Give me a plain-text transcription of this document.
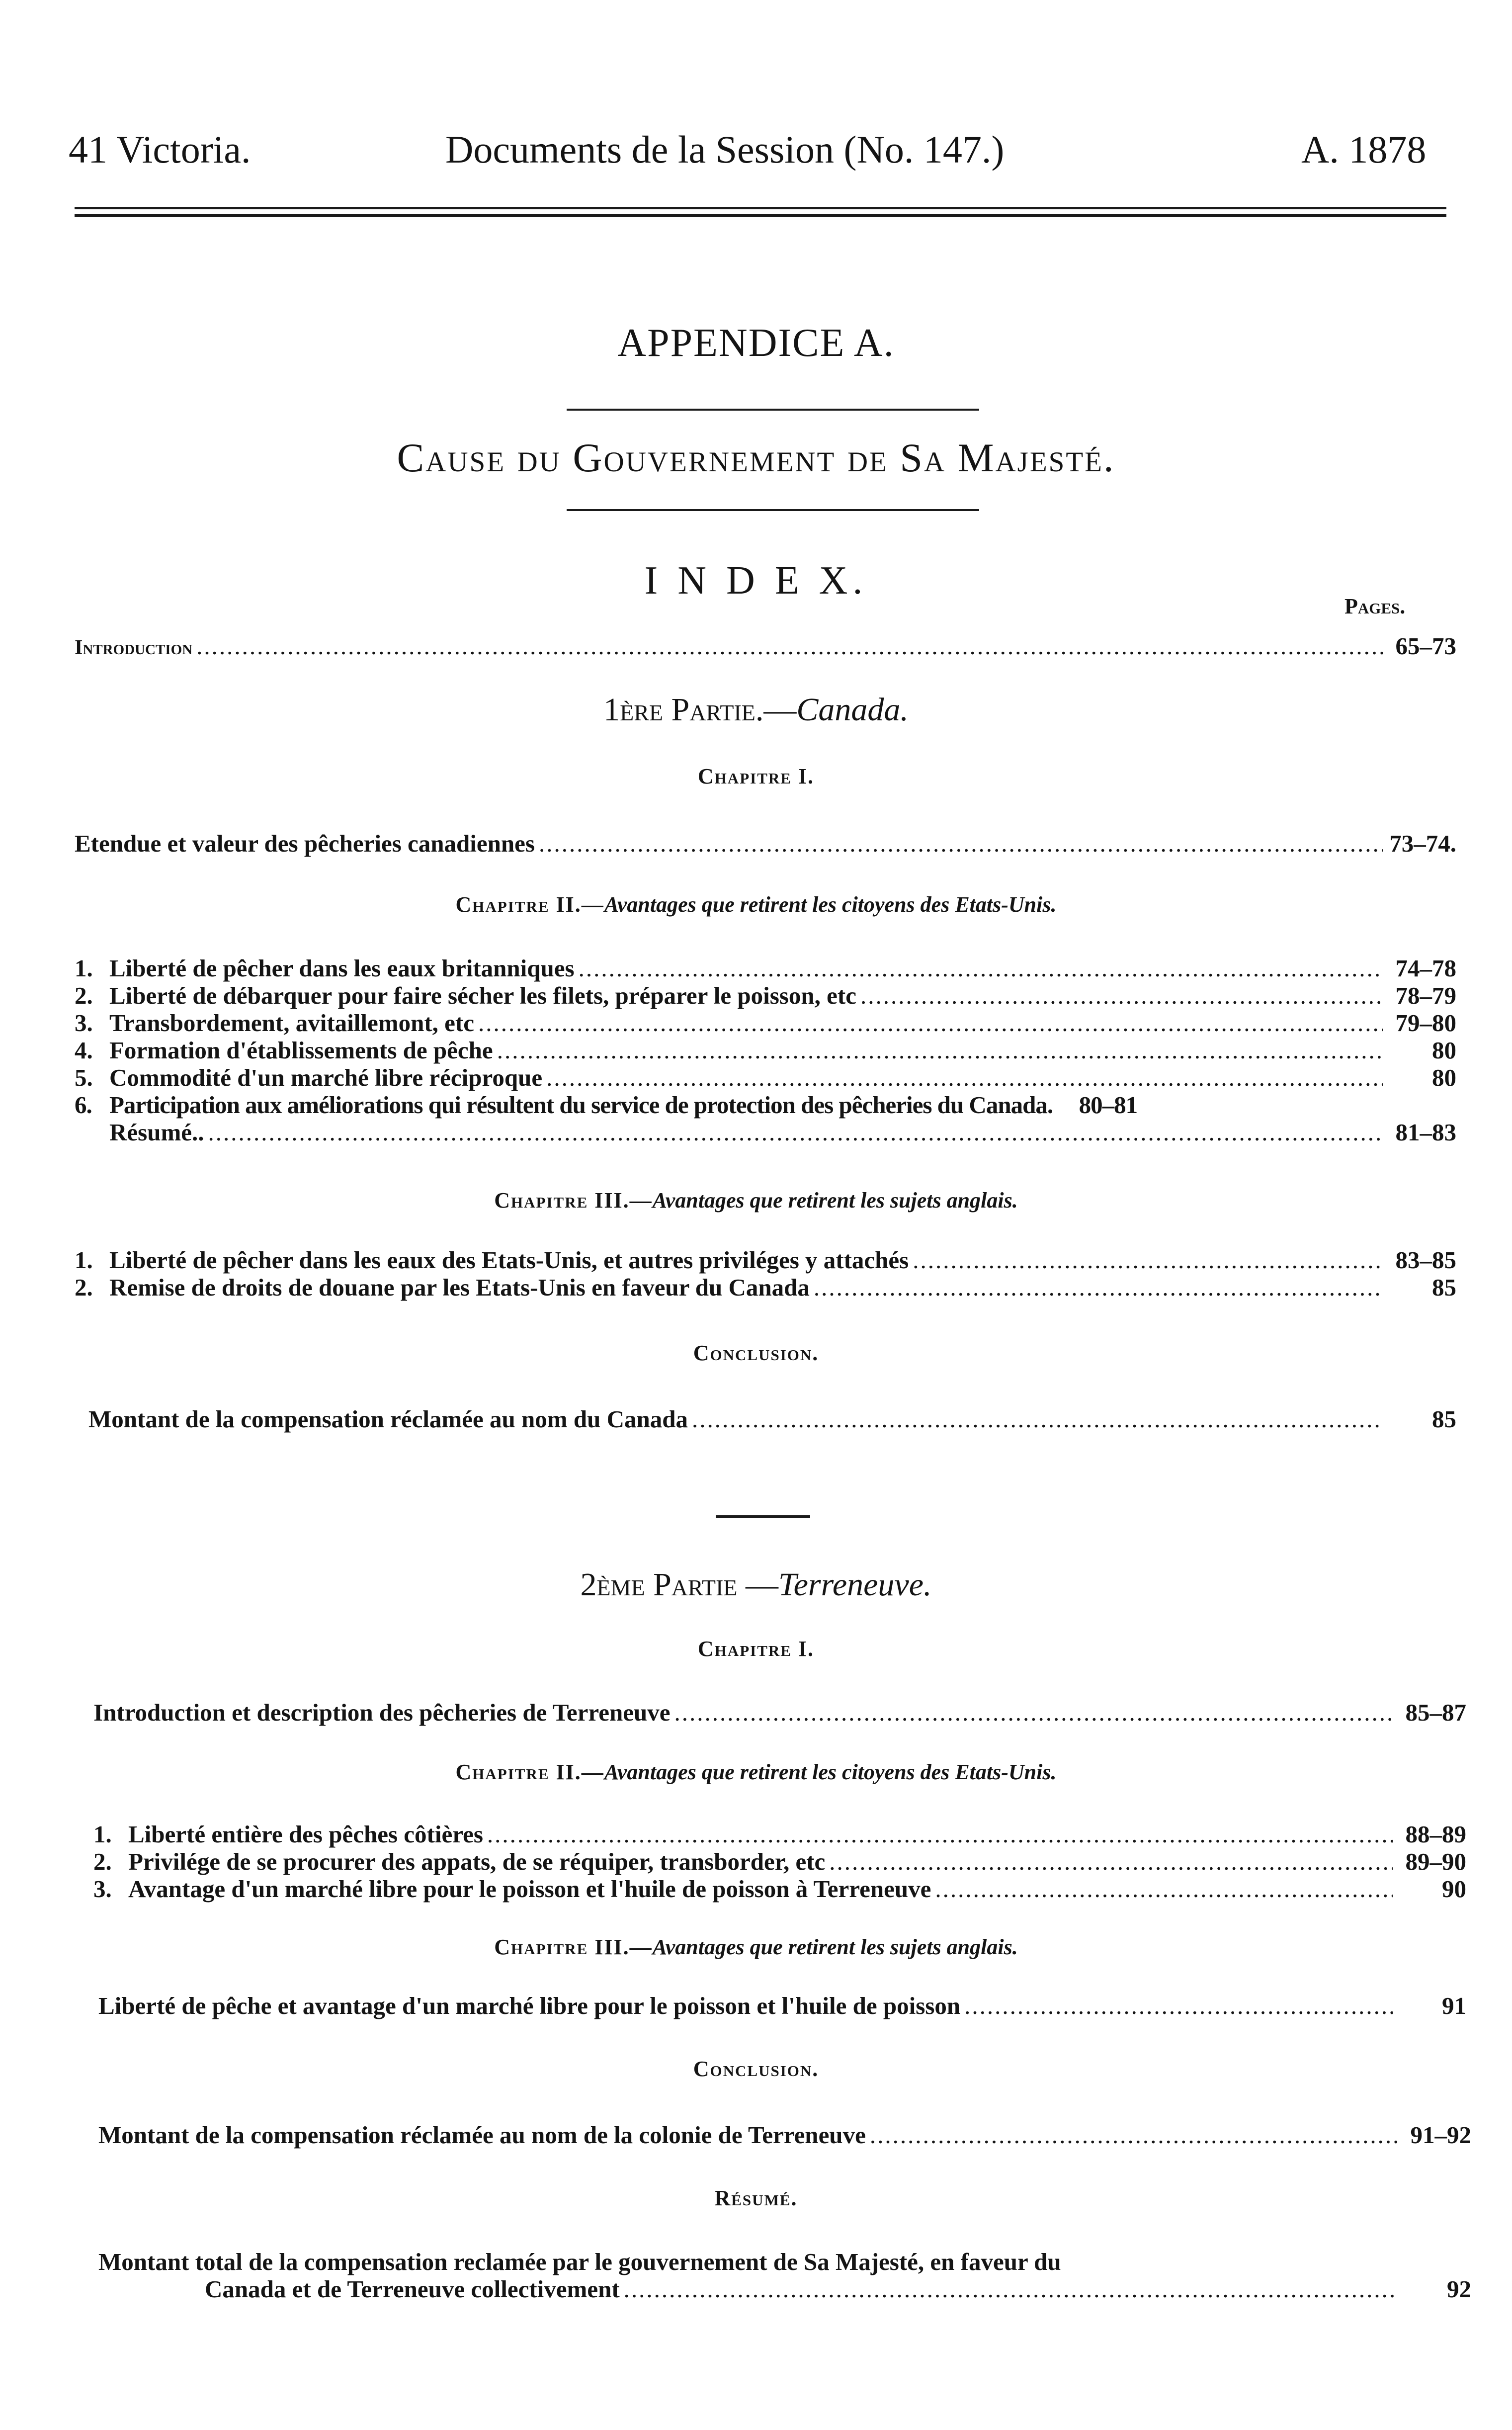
41 Victoria.	Documents de la Session (No. 147.)	A. 1878
APPENDICE A.
Cause du Gouvernement de Sa Majesté.
I N D E X.
Pages.
Introduction .....	65–73
1ère Partie.—Canada.
Chapitre I.
Etendue et valeur des pêcheries canadiennes .....	73–74.
Chapitre II.—Avantages que retirent les citoyens des Etats-Unis.
1. Liberté de pêcher dans les eaux britanniques .....	74–78
2. Liberté de débarquer pour faire sécher les filets, préparer le poisson, etc .....	78–79
3. Transbordement, avitaillemont, etc .....	79–80
4. Formation d'établissements de pêche .....	80
5. Commodité d'un marché libre réciproque .....	80
6. Participation aux améliorations qui résultent du service de protection des pêcheries du Canada.	80–81
Résumé.. .....	81–83
Chapitre III.—Avantages que retirent les sujets anglais.
1. Liberté de pêcher dans les eaux des Etats-Unis, et autres priviléges y attachés .....	83–85
2. Remise de droits de douane par les Etats-Unis en faveur du Canada .....	85
Conclusion.
Montant de la compensation réclamée au nom du Canada .....	85
2ème Partie —Terreneuve.
Chapitre I.
Introduction et description des pêcheries de Terreneuve .....	85–87
Chapitre II.—Avantages que retirent les citoyens des Etats-Unis.
1. Liberté entière des pêches côtières .....	88–89
2. Privilége de se procurer des appats, de se réquiper, transborder, etc .....	89–90
3. Avantage d'un marché libre pour le poisson et l'huile de poisson à Terreneuve .....	90
Chapitre III.—Avantages que retirent les sujets anglais.
Liberté de pêche et avantage d'un marché libre pour le poisson et l'huile de poisson .....	91
Conclusion.
Montant de la compensation réclamée au nom de la colonie de Terreneuve .....	91–92
Résumé.
Montant total de la compensation reclamée par le gouvernement de Sa Majesté, en faveur du
Canada et de Terreneuve collectivement .....	92
